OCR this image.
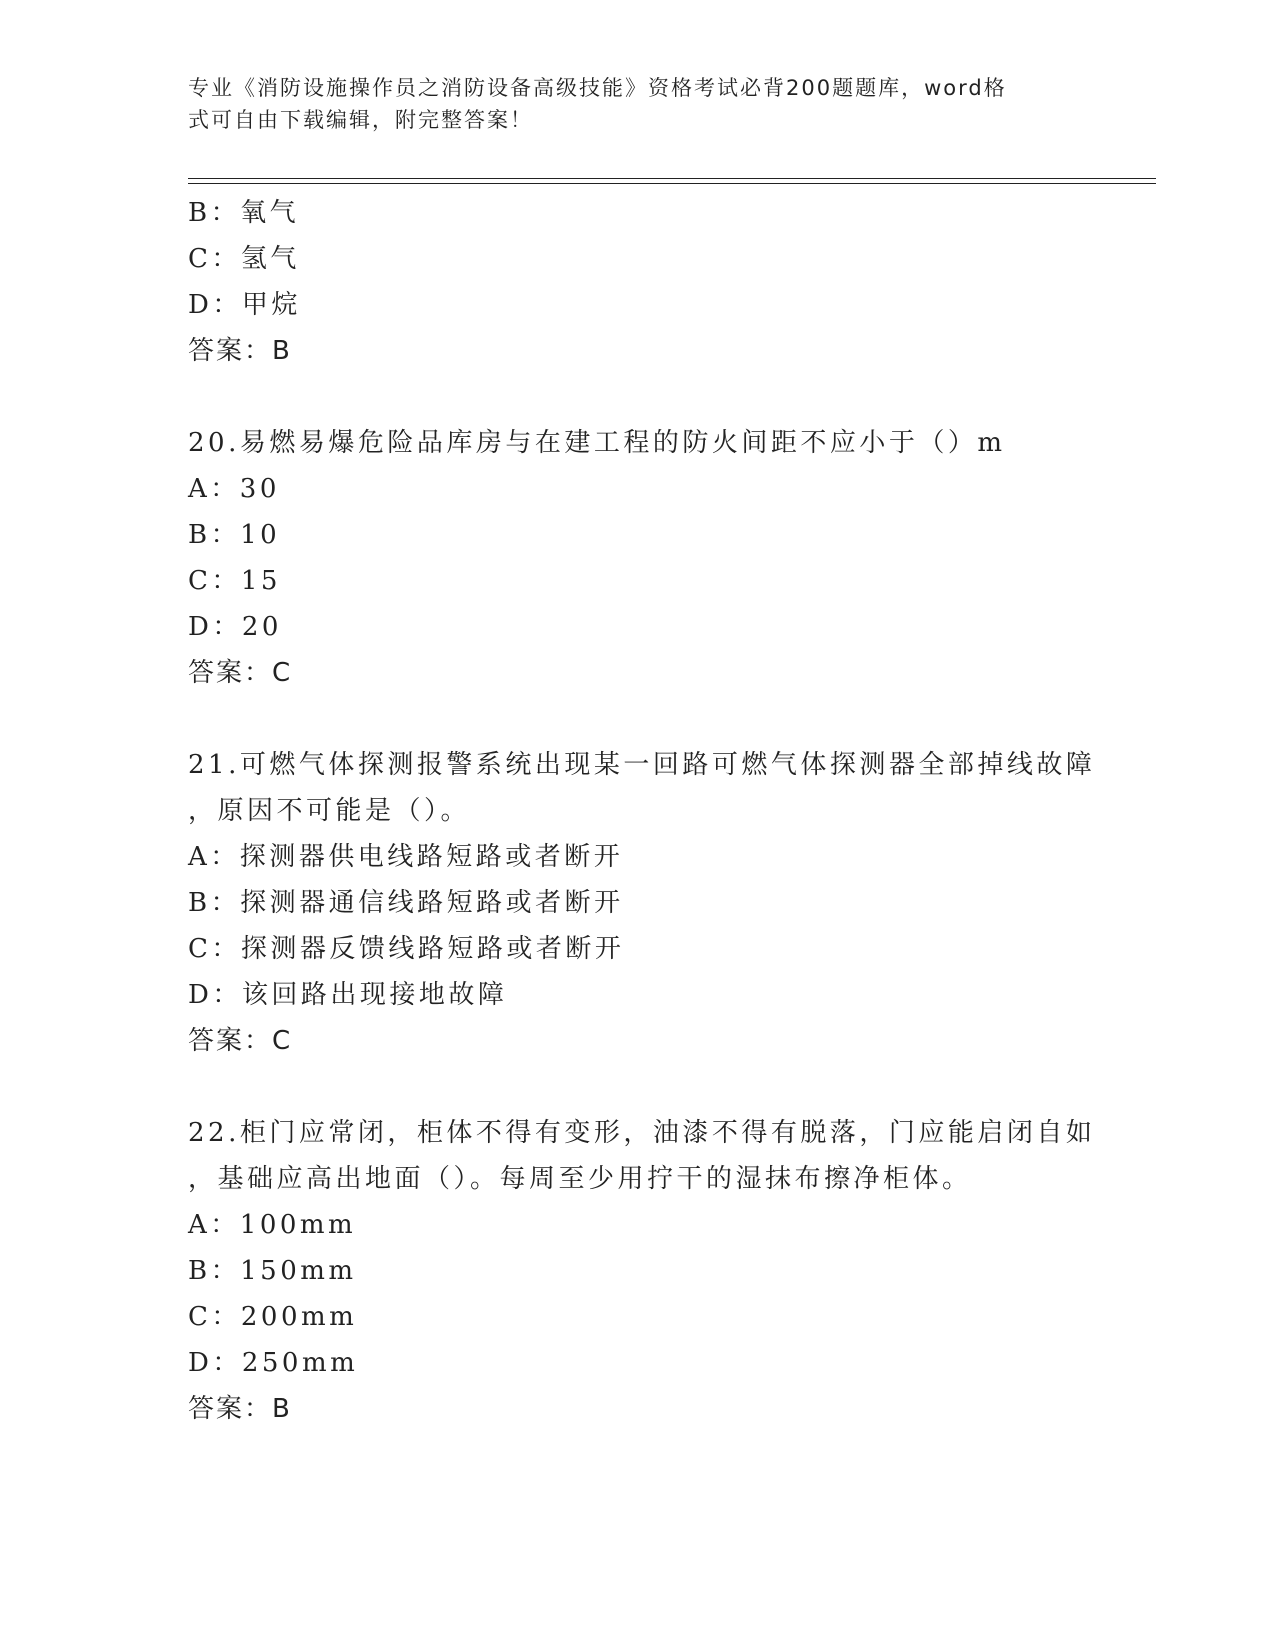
专业《消防设施操作员之消防设备高级技能》资格考试必背200题题库，word格
式可自由下载编辑，附完整答案！
B：氧气
C：氢气
D：甲烷
答案：B
20.易燃易爆危险品库房与在建工程的防火间距不应小于（）m
A：30
B：10
C：15
D：20
答案：C
21.可燃气体探测报警系统出现某一回路可燃气体探测器全部掉线故障
，原因不可能是（）。
A：探测器供电线路短路或者断开
B：探测器通信线路短路或者断开
C：探测器反馈线路短路或者断开
D：该回路出现接地故障
答案：C
22.柜门应常闭，柜体不得有变形，油漆不得有脱落，门应能启闭自如
，基础应高出地面（）。每周至少用拧干的湿抹布擦净柜体。
A：100mm
B：150mm
C：200mm
D：250mm
答案：B
